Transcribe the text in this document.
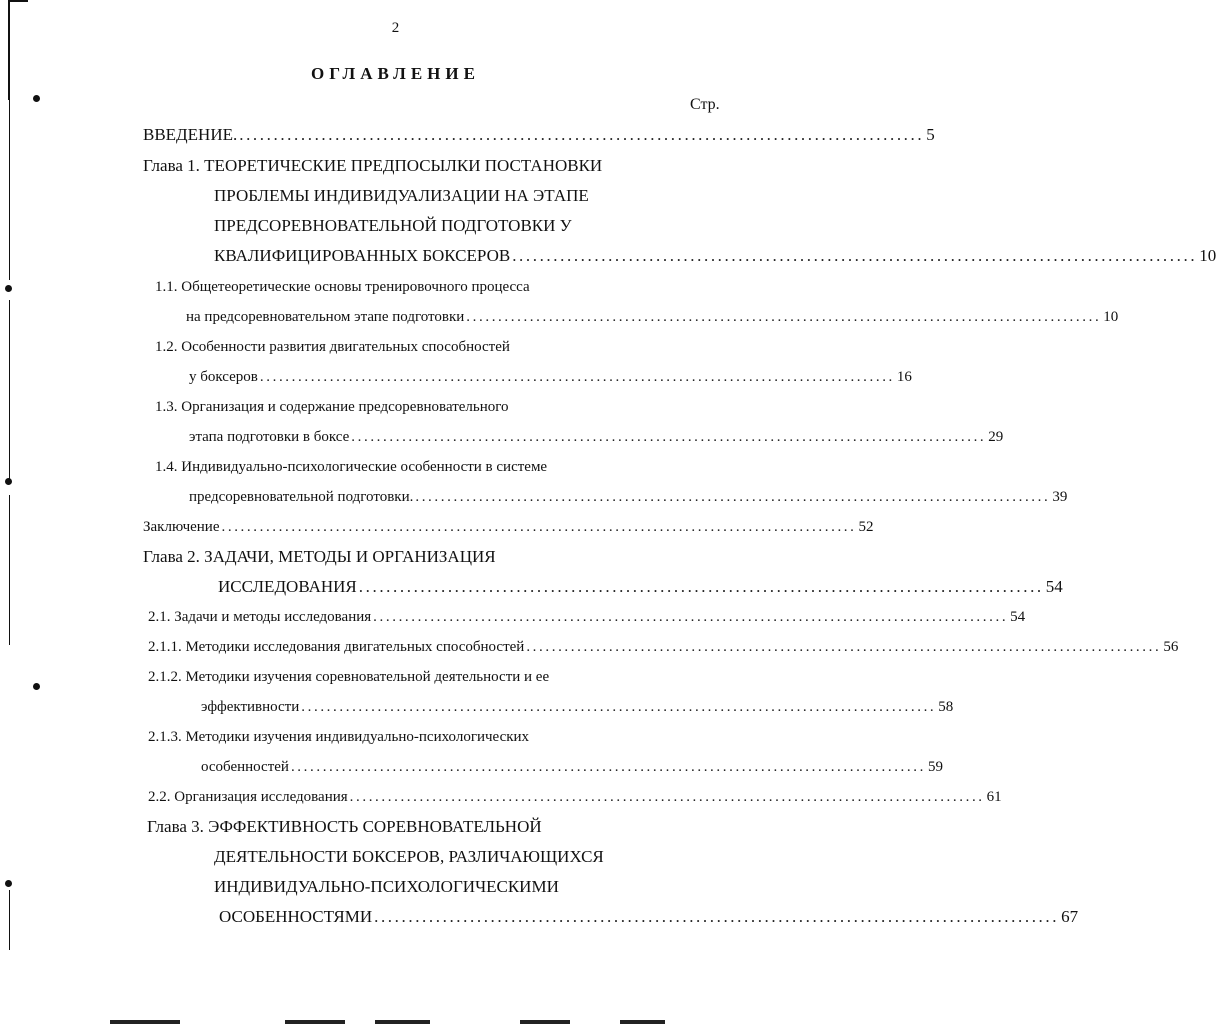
2
ОГЛАВЛЕНИЕ
Стр.
ВВЕДЕНИЕ. .................................................................................................... 5
Глава 1. ТЕОРЕТИЧЕСКИЕ ПРЕДПОСЫЛКИ ПОСТАНОВКИ
ПРОБЛЕМЫ ИНДИВИДУАЛИЗАЦИИ НА ЭТАПЕ
ПРЕДСОРЕВНОВАТЕЛЬНОЙ ПОДГОТОВКИ У
КВАЛИФИЦИРОВАННЫХ БОКСЕРОВ .................................................................................................... 10
1.1. Общетеоретические основы тренировочного процесса
на предсоревновательном этапе подготовки .................................................................................................... 10
1.2. Особенности развития двигательных способностей
у боксеров .................................................................................................... 16
1.3. Организация и содержание предсоревновательного
этапа подготовки в боксе .................................................................................................... 29
1.4. Индивидуально-психологические особенности в системе
предсоревновательной подготовки. .................................................................................................... 39
Заключение .................................................................................................... 52
Глава 2. ЗАДАЧИ, МЕТОДЫ И ОРГАНИЗАЦИЯ
ИССЛЕДОВАНИЯ .................................................................................................... 54
2.1. Задачи и методы исследования .................................................................................................... 54
2.1.1. Методики исследования двигательных способностей .................................................................................................... 56
2.1.2. Методики изучения соревновательной деятельности и ее
эффективности .................................................................................................... 58
2.1.3. Методики изучения индивидуально-психологических
особенностей .................................................................................................... 59
2.2. Организация исследования .................................................................................................... 61
Глава 3. ЭФФЕКТИВНОСТЬ СОРЕВНОВАТЕЛЬНОЙ
ДЕЯТЕЛЬНОСТИ БОКСЕРОВ, РАЗЛИЧАЮЩИХСЯ
ИНДИВИДУАЛЬНО-ПСИХОЛОГИЧЕСКИМИ
ОСОБЕННОСТЯМИ .................................................................................................... 67
